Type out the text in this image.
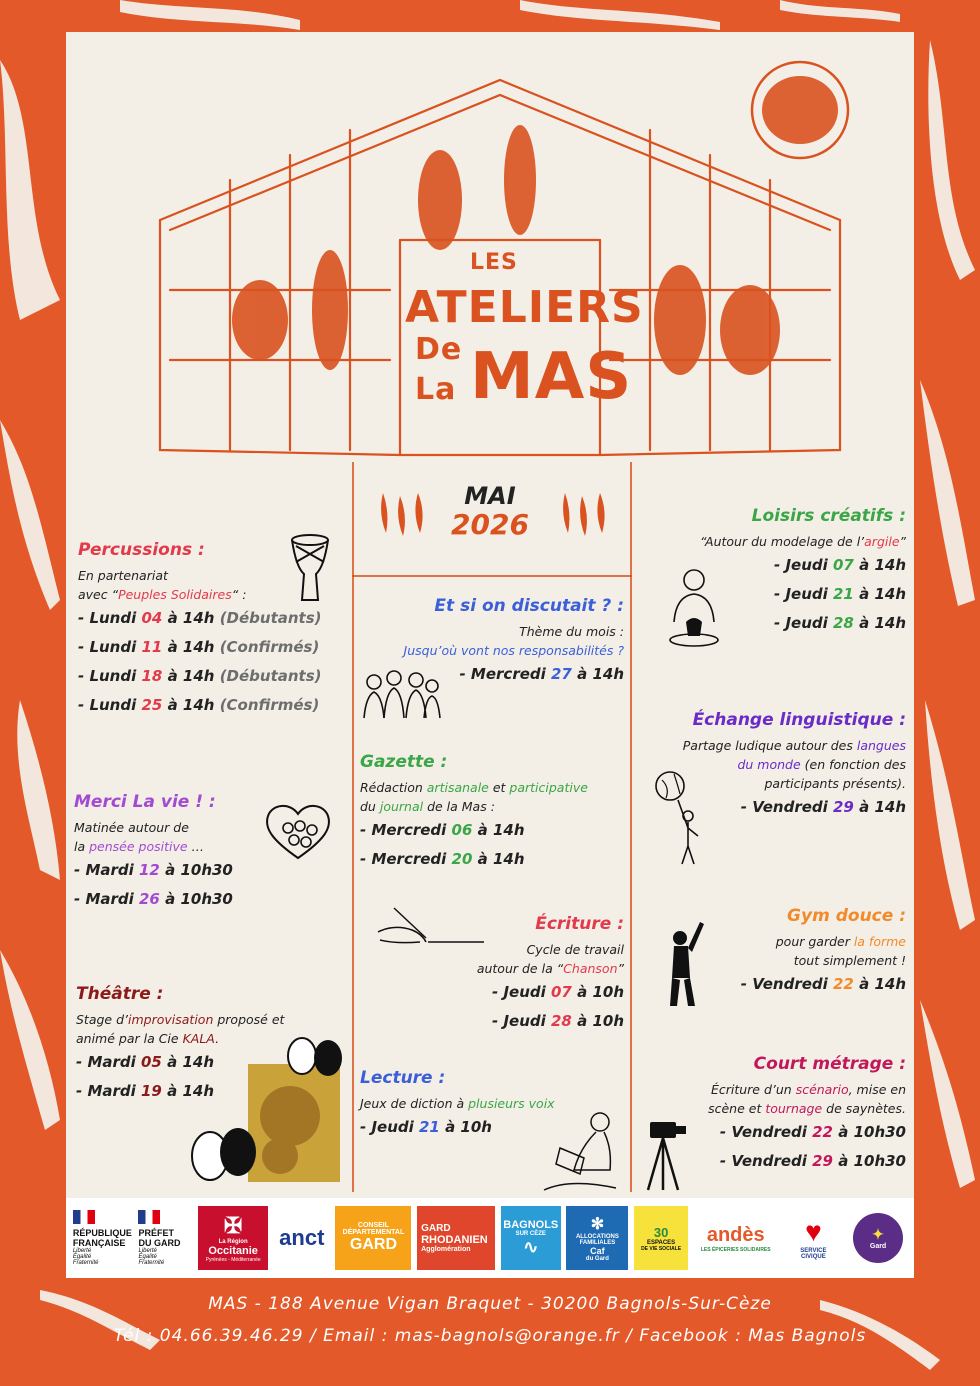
LES
ATELIERS
De
La MAS
MAI
2026
Percussions :

En partenariat

avec “Peuples Solidaires“ :

- Lundi 04 à 14h (Débutants)
- Lundi 11 à 14h (Confirmés)
- Lundi 18 à 14h (Débutants)
- Lundi 25 à 14h (Confirmés)
Merci La vie ! :

Matinée autour de

la pensée positive …

- Mardi 12 à 10h30
- Mardi 26 à 10h30
Théâtre :

Stage d’improvisation proposé et

animé par la Cie KALA.

- Mardi 05 à 14h
- Mardi 19 à 14h
Et si on discutait ? :

Thème du mois :

Jusqu’où vont nos responsabilités ?

- Mercredi 27 à 14h
Gazette :

Rédaction artisanale et participative

du journal de la Mas :

- Mercredi 06 à 14h
- Mercredi 20 à 14h
Écriture :

Cycle de travail

autour de la “Chanson”

- Jeudi 07 à 10h
- Jeudi 28 à 10h
Lecture :

Jeux de diction à plusieurs voix

- Jeudi 21 à 10h
Loisirs créatifs :

“Autour du modelage de l’argile”

- Jeudi 07 à 14h
- Jeudi 21 à 14h
- Jeudi 28 à 14h
Échange linguistique :

Partage ludique autour des langues

du monde (en fonction des

participants présents).

- Vendredi 29 à 14h
Gym douce :

pour garder la forme

tout simplement !

- Vendredi 22 à 14h
Court métrage :

Écriture d’un scénario, mise en

scène et tournage de saynètes.

- Vendredi 22 à 10h30
- Vendredi 29 à 10h30
RÉPUBLIQUE
FRANÇAISE
Liberté
Égalité
Fraternité
PRÉFET
DU GARD
Liberté
Égalité
Fraternité
✠
La Région
Occitanie
Pyrénées - Méditerranée
anct	CONSEIL
DÉPARTEMENTAL
GARD
GARD
RHODANIEN
Agglomération
BAGNOLS
SUR CÈZE
∿
✻
ALLOCATIONS
FAMILIALES
Caf
du Gard
30
ESPACES
DE VIE SOCIALE
andès
LES ÉPICERIES SOLIDAIRES
♥
SERVICE
CIVIQUE
✦
Gard
MAS - 188 Avenue Vigan Braquet - 30200 Bagnols-Sur-Cèze
Tél : 04.66.39.46.29 / Email : mas-bagnols@orange.fr / Facebook : Mas Bagnols
